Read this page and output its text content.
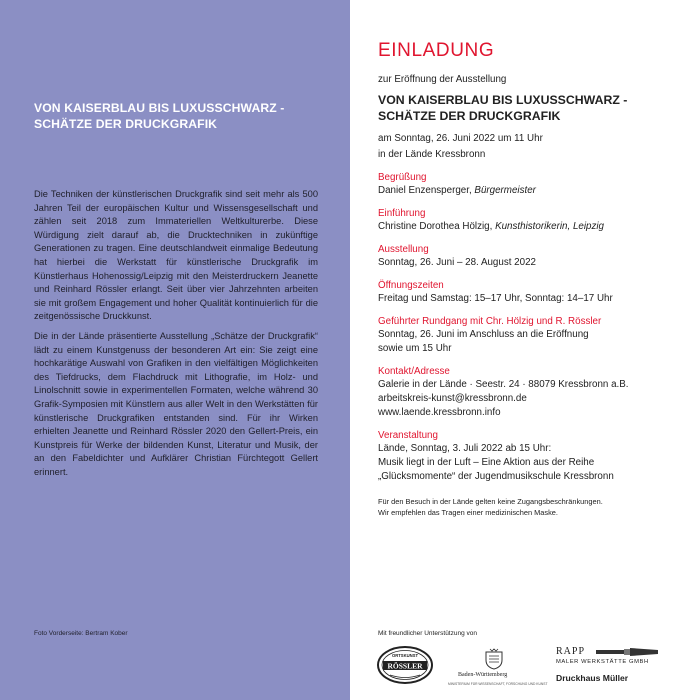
VON KAISERBLAU BIS LUXUSSCHWARZ -
SCHÄTZE DER DRUCKGRAFIK

Die Techniken der künstlerischen Druckgrafik sind seit mehr als 500 Jahren Teil der europäischen Kultur und Wissensgesellschaft und zählen seit 2018 zum Immateriellen Weltkulturerbe. Diese Würdigung zielt darauf ab, die Drucktechniken in zukünftige Generationen zu tragen. Eine deutschlandweit einmalige Bedeutung hat hierbei die Werkstatt für künstlerische Druckgrafik im Künstlerhaus Hohenossig/Leipzig mit den Meisterdruckern Jeanette und Reinhard Rössler erlangt. Seit über vier Jahrzehnten arbeiten sie mit großem Engagement und hoher Qualität kontinuierlich für die zeitgenössische Druckkunst.

Die in der Lände präsentierte Ausstellung „Schätze der Druckgrafik“ lädt zu einem Kunstgenuss der besonderen Art ein: Sie zeigt eine hochkarätige Auswahl von Grafiken in den vielfältigen Möglichkeiten des Tiefdrucks, dem Flachdruck mit Lithografie, im Holz- und Linolschnitt sowie in experimentellen Formaten, welche während 30 Grafik-Symposien mit Künstlern aus aller Welt in den Werkstätten für künstlerische Druckgrafiken entstanden sind. Für ihr Wirken erhielten Jeanette und Reinhard Rössler 2020 den Gellert-Preis, ein Kunstpreis für Werke der bildenden Kunst, Literatur und Musik, der an den Fabeldichter und Aufklärer Christian Fürchtegott Gellert erinnert.

Foto Vorderseite: Bertram Kober
EINLADUNG
zur Eröffnung der Ausstellung
VON KAISERBLAU BIS LUXUSSCHWARZ -
SCHÄTZE DER DRUCKGRAFIK
am Sonntag, 26. Juni 2022 um 11 Uhr
in der Lände Kressbronn
Begrüßung
Daniel Enzensperger, Bürgermeister
Einführung
Christine Dorothea Hölzig, Kunsthistorikerin, Leipzig
Ausstellung
Sonntag, 26. Juni – 28. August 2022
Öffnungszeiten
Freitag und Samstag: 15–17 Uhr, Sonntag: 14–17 Uhr
Geführter Rundgang mit Chr. Hölzig und R. Rössler
Sonntag, 26. Juni im Anschluss an die Eröffnung
sowie um 15 Uhr
Kontakt/Adresse
Galerie in der Lände · Seestr. 24 · 88079 Kressbronn a.B.
arbeitskreis-kunst@kressbronn.de
www.laende.kressbronn.info
Veranstaltung
Lände, Sonntag, 3. Juli 2022 ab 15 Uhr:
Musik liegt in der Luft – Eine Aktion aus der Reihe
„Glücksmomente“ der Jugendmusikschule Kressbronn
Für den Besuch in der Lände gelten keine Zugangsbeschränkungen.
Wir empfehlen das Tragen einer medizinischen Maske.
Mit freundlicher Unterstützung von
ORTSKUNST
RÖSSLER
Baden-Württemberg
MINISTERIUM FÜR WISSENSCHAFT, FORSCHUNG UND KUNST
RAPP
MALER WERKSTÄTTE GMBH
Druckhaus Müller
